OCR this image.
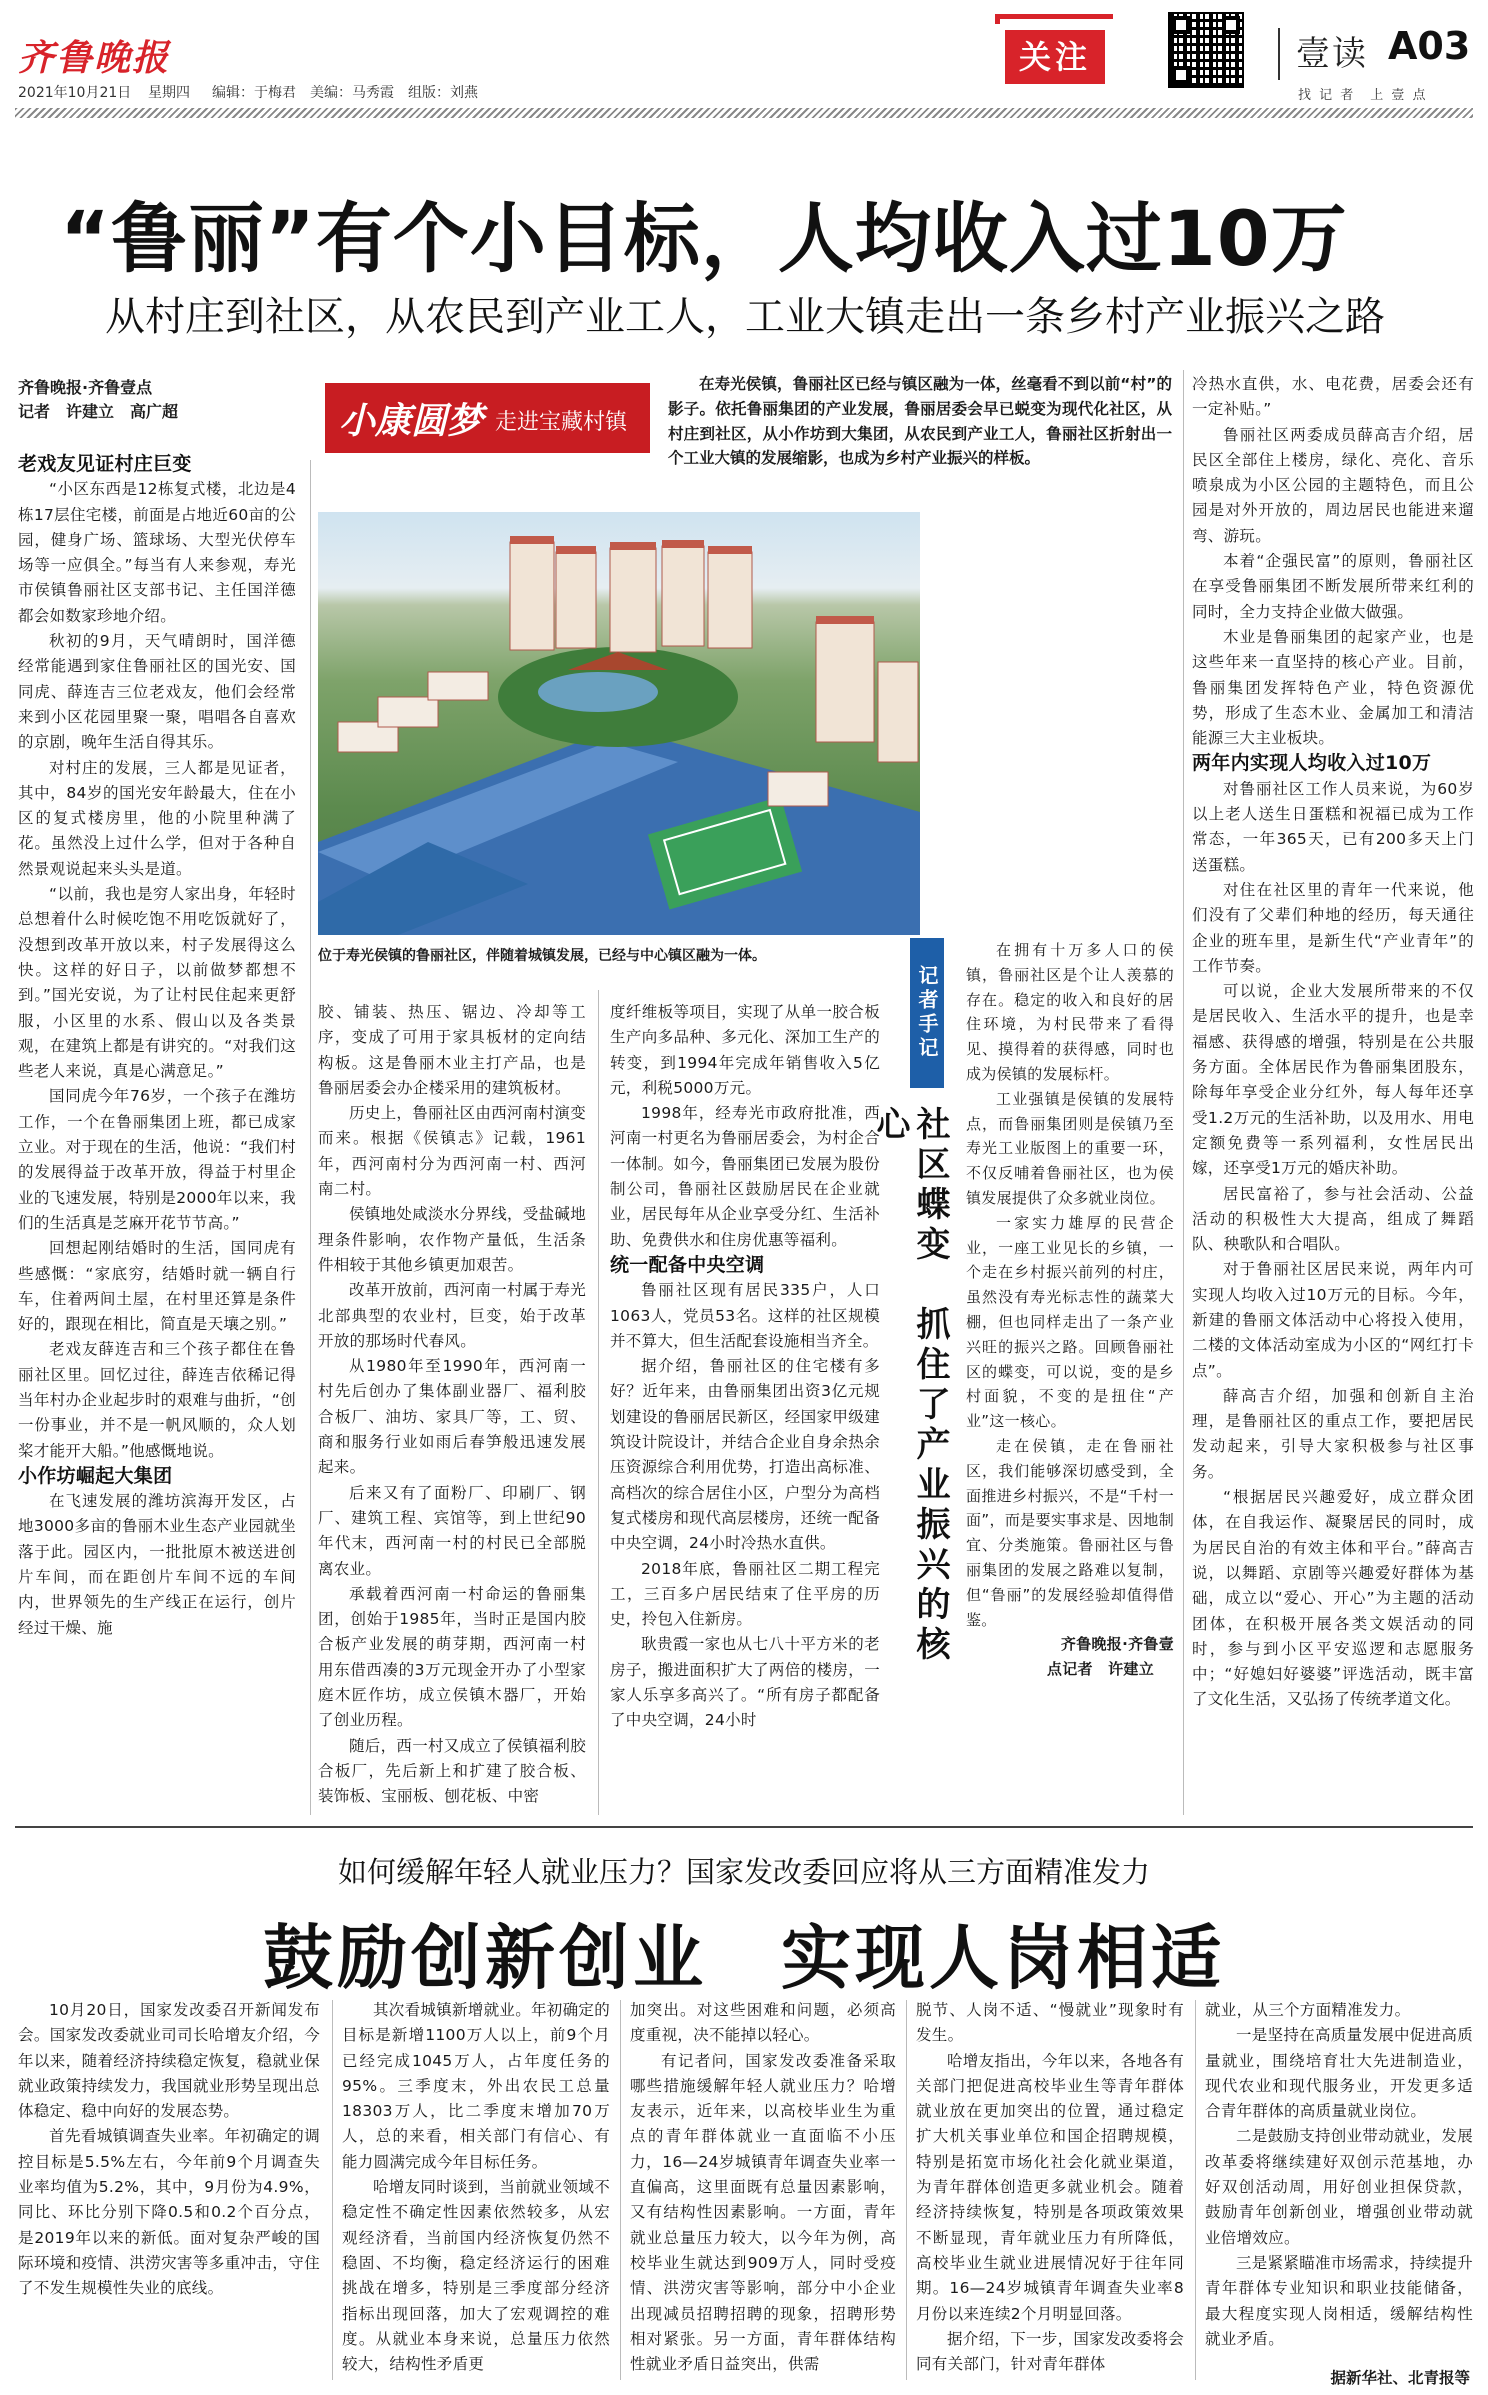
齐鲁晚报
2021年10月21日 星期四 编辑：于梅君　美编：马秀霞　组版：刘燕
关注	壹读 A03
找 记 者　上 壹 点
“鲁丽”有个小目标，人均收入过10万
从村庄到社区，从农民到产业工人，工业大镇走出一条乡村产业振兴之路
齐鲁晚报·齐鲁壹点
记者　许建立　高广超	小康圆梦 走进宝藏村镇
在寿光侯镇，鲁丽社区已经与镇区融为一体，丝毫看不到以前“村”的影子。依托鲁丽集团的产业发展，鲁丽居委会早已蜕变为现代化社区，从村庄到社区，从小作坊到大集团，从农民到产业工人，鲁丽社区折射出一个工业大镇的发展缩影，也成为乡村产业振兴的样板。
位于寿光侯镇的鲁丽社区，伴随着城镇发展，已经与中心镇区融为一体。

老戏友见证村庄巨变

“小区东西是12栋复式楼，北边是4栋17层住宅楼，前面是占地近60亩的公园，健身广场、篮球场、大型光伏停车场等一应俱全。”每当有人来参观，寿光市侯镇鲁丽社区支部书记、主任国洋德都会如数家珍地介绍。

秋初的9月，天气晴朗时，国洋德经常能遇到家住鲁丽社区的国光安、国同虎、薛连吉三位老戏友，他们会经常来到小区花园里聚一聚，唱唱各自喜欢的京剧，晚年生活自得其乐。

对村庄的发展，三人都是见证者，其中，84岁的国光安年龄最大，住在小区的复式楼房里，他的小院里种满了花。虽然没上过什么学，但对于各种自然景观说起来头头是道。

“以前，我也是穷人家出身，年轻时总想着什么时候吃饱不用吃饭就好了，没想到改革开放以来，村子发展得这么快。这样的好日子，以前做梦都想不到。”国光安说，为了让村民住起来更舒服，小区里的水系、假山以及各类景观，在建筑上都是有讲究的。“对我们这些老人来说，真是心满意足。”

国同虎今年76岁，一个孩子在潍坊工作，一个在鲁丽集团上班，都已成家立业。对于现在的生活，他说：“我们村的发展得益于改革开放，得益于村里企业的飞速发展，特别是2000年以来，我们的生活真是芝麻开花节节高。”

回想起刚结婚时的生活，国同虎有些感慨：“家底穷，结婚时就一辆自行车，住着两间土屋，在村里还算是条件好的，跟现在相比，简直是天壤之别。”

老戏友薛连吉和三个孩子都住在鲁丽社区里。回忆过往，薛连吉依稀记得当年村办企业起步时的艰难与曲折，“创一份事业，并不是一帆风顺的，众人划桨才能开大船。”他感慨地说。

小作坊崛起大集团

在飞速发展的潍坊滨海开发区，占地3000多亩的鲁丽木业生态产业园就坐落于此。园区内，一批批原木被送进创片车间，而在距创片车间不远的车间内，世界领先的生产线正在运行，创片经过干燥、施

胶、铺装、热压、锯边、冷却等工序，变成了可用于家具板材的定向结构板。这是鲁丽木业主打产品，也是鲁丽居委会办企楼采用的建筑板材。

历史上，鲁丽社区由西河南村演变而来。根据《侯镇志》记载，1961年，西河南村分为西河南一村、西河南二村。

侯镇地处咸淡水分界线，受盐碱地理条件影响，农作物产量低，生活条件相较于其他乡镇更加艰苦。

改革开放前，西河南一村属于寿光北部典型的农业村，巨变，始于改革开放的那场时代春风。

从1980年至1990年，西河南一村先后创办了集体副业器厂、福利胶合板厂、油坊、家具厂等，工、贸、商和服务行业如雨后春笋般迅速发展起来。

后来又有了面粉厂、印刷厂、钢厂、建筑工程、宾馆等，到上世纪90年代末，西河南一村的村民已全部脱离农业。

承载着西河南一村命运的鲁丽集团，创始于1985年，当时正是国内胶合板产业发展的萌芽期，西河南一村用东借西凑的3万元现金开办了小型家庭木匠作坊，成立侯镇木器厂，开始了创业历程。

随后，西一村又成立了侯镇福利胶合板厂，先后新上和扩建了胶合板、装饰板、宝丽板、刨花板、中密

度纤维板等项目，实现了从单一胶合板生产向多品种、多元化、深加工生产的转变，到1994年完成年销售收入5亿元，利税5000万元。

1998年，经寿光市政府批准，西河南一村更名为鲁丽居委会，为村企合一体制。如今，鲁丽集团已发展为股份制公司，鲁丽社区鼓励居民在企业就业，居民每年从企业享受分红、生活补助、免费供水和住房优惠等福利。

统一配备中央空调

鲁丽社区现有居民335户，人口1063人，党员53名。这样的社区规模并不算大，但生活配套设施相当齐全。

据介绍，鲁丽社区的住宅楼有多好？近年来，由鲁丽集团出资3亿元规划建设的鲁丽居民新区，经国家甲级建筑设计院设计，并结合企业自身余热余压资源综合利用优势，打造出高标准、高档次的综合居住小区，户型分为高档复式楼房和现代高层楼房，还统一配备中央空调，24小时冷热水直供。

2018年底，鲁丽社区二期工程完工，三百多户居民结束了住平房的历史，拎包入住新房。

耿贵霞一家也从七八十平方米的老房子，搬进面积扩大了两倍的楼房，一家人乐享多高兴了。“所有房子都配备了中央空调，24小时

记者手记
社区蝶变　抓住了产业振兴的核心

在拥有十万多人口的侯镇，鲁丽社区是个让人羡慕的存在。稳定的收入和良好的居住环境，为村民带来了看得见、摸得着的获得感，同时也成为侯镇的发展标杆。

工业强镇是侯镇的发展特点，而鲁丽集团则是侯镇乃至寿光工业版图上的重要一环，不仅反哺着鲁丽社区，也为侯镇发展提供了众多就业岗位。

一家实力雄厚的民营企业，一座工业见长的乡镇，一个走在乡村振兴前列的村庄，虽然没有寿光标志性的蔬菜大棚，但也同样走出了一条产业兴旺的振兴之路。回顾鲁丽社区的蝶变，可以说，变的是乡村面貌，不变的是扭住“产业”这一核心。

走在侯镇，走在鲁丽社区，我们能够深切感受到，全面推进乡村振兴，不是“千村一面”，而是要实事求是、因地制宜、分类施策。鲁丽社区与鲁丽集团的发展之路难以复制，但“鲁丽”的发展经验却值得借鉴。

齐鲁晚报·齐鲁壹

点记者　许建立

冷热水直供，水、电花费，居委会还有一定补贴。”

鲁丽社区两委成员薛高吉介绍，居民区全部住上楼房，绿化、亮化、音乐喷泉成为小区公园的主题特色，而且公园是对外开放的，周边居民也能进来遛弯、游玩。

本着“企强民富”的原则，鲁丽社区在享受鲁丽集团不断发展所带来红利的同时，全力支持企业做大做强。

木业是鲁丽集团的起家产业，也是这些年来一直坚持的核心产业。目前，鲁丽集团发挥特色产业，特色资源优势，形成了生态木业、金属加工和清洁能源三大主业板块。

两年内实现人均收入过10万

对鲁丽社区工作人员来说，为60岁以上老人送生日蛋糕和祝福已成为工作常态，一年365天，已有200多天上门送蛋糕。

对住在社区里的青年一代来说，他们没有了父辈们种地的经历，每天通往企业的班车里，是新生代“产业青年”的工作节奏。

可以说，企业大发展所带来的不仅是居民收入、生活水平的提升，也是幸福感、获得感的增强，特别是在公共服务方面。全体居民作为鲁丽集团股东，除每年享受企业分红外，每人每年还享受1.2万元的生活补助，以及用水、用电定额免费等一系列福利，女性居民出嫁，还享受1万元的婚庆补助。

居民富裕了，参与社会活动、公益活动的积极性大大提高，组成了舞蹈队、秧歌队和合唱队。

对于鲁丽社区居民来说，两年内可实现人均收入过10万元的目标。今年，新建的鲁丽文体活动中心将投入使用，二楼的文体活动室成为小区的“网红打卡点”。

薛高吉介绍，加强和创新自主治理，是鲁丽社区的重点工作，要把居民发动起来，引导大家积极参与社区事务。

“根据居民兴趣爱好，成立群众团体，在自我运作、凝聚居民的同时，成为居民自治的有效主体和平台。”薛高吉说，以舞蹈、京剧等兴趣爱好群体为基础，成立以“爱心、开心”为主题的活动团体，在积极开展各类文娱活动的同时，参与到小区平安巡逻和志愿服务中；“好媳妇好婆婆”评选活动，既丰富了文化生活，又弘扬了传统孝道文化。

如何缓解年轻人就业压力？国家发改委回应将从三方面精准发力
鼓励创新创业　实现人岗相适

10月20日，国家发改委召开新闻发布会。国家发改委就业司司长哈增友介绍，今年以来，随着经济持续稳定恢复，稳就业保就业政策持续发力，我国就业形势呈现出总体稳定、稳中向好的发展态势。

首先看城镇调查失业率。年初确定的调控目标是5.5%左右，今年前9个月调查失业率均值为5.2%，其中，9月份为4.9%，同比、环比分别下降0.5和0.2个百分点，是2019年以来的新低。面对复杂严峻的国际环境和疫情、洪涝灾害等多重冲击，守住了不发生规模性失业的底线。

其次看城镇新增就业。年初确定的目标是新增1100万人以上，前9个月已经完成1045万人，占年度任务的95%。三季度末，外出农民工总量18303万人，比二季度末增加70万人，总的来看，相关部门有信心、有能力圆满完成今年目标任务。

哈增友同时谈到，当前就业领域不稳定性不确定性因素依然较多，从宏观经济看，当前国内经济恢复仍然不稳固、不均衡，稳定经济运行的困难挑战在增多，特别是三季度部分经济指标出现回落，加大了宏观调控的难度。从就业本身来说，总量压力依然较大，结构性矛盾更

加突出。对这些困难和问题，必须高度重视，决不能掉以轻心。

有记者问，国家发改委准备采取哪些措施缓解年轻人就业压力？哈增友表示，近年来，以高校毕业生为重点的青年群体就业一直面临不小压力，16—24岁城镇青年调查失业率一直偏高，这里面既有总量因素影响，又有结构性因素影响。一方面，青年就业总量压力较大，以今年为例，高校毕业生就达到909万人，同时受疫情、洪涝灾害等影响，部分中小企业出现减员招聘招聘的现象，招聘形势相对紧张。另一方面，青年群体结构性就业矛盾日益突出，供需

脱节、人岗不适、“慢就业”现象时有发生。

哈增友指出，今年以来，各地各有关部门把促进高校毕业生等青年群体就业放在更加突出的位置，通过稳定扩大机关事业单位和国企招聘规模，特别是拓宽市场化社会化就业渠道，为青年群体创造更多就业机会。随着经济持续恢复，特别是各项政策效果不断显现，青年就业压力有所降低，高校毕业生就业进展情况好于往年同期。16—24岁城镇青年调查失业率8月份以来连续2个月明显回落。

据介绍，下一步，国家发改委将会同有关部门，针对青年群体

就业，从三个方面精准发力。

一是坚持在高质量发展中促进高质量就业，围绕培育壮大先进制造业，现代农业和现代服务业，开发更多适合青年群体的高质量就业岗位。

二是鼓励支持创业带动就业，发展改革委将继续建好双创示范基地，办好双创活动周，用好创业担保贷款，鼓励青年创新创业，增强创业带动就业倍增效应。

三是紧紧瞄准市场需求，持续提升青年群体专业知识和职业技能储备，最大程度实现人岗相适，缓解结构性就业矛盾。

据新华社、北青报等
